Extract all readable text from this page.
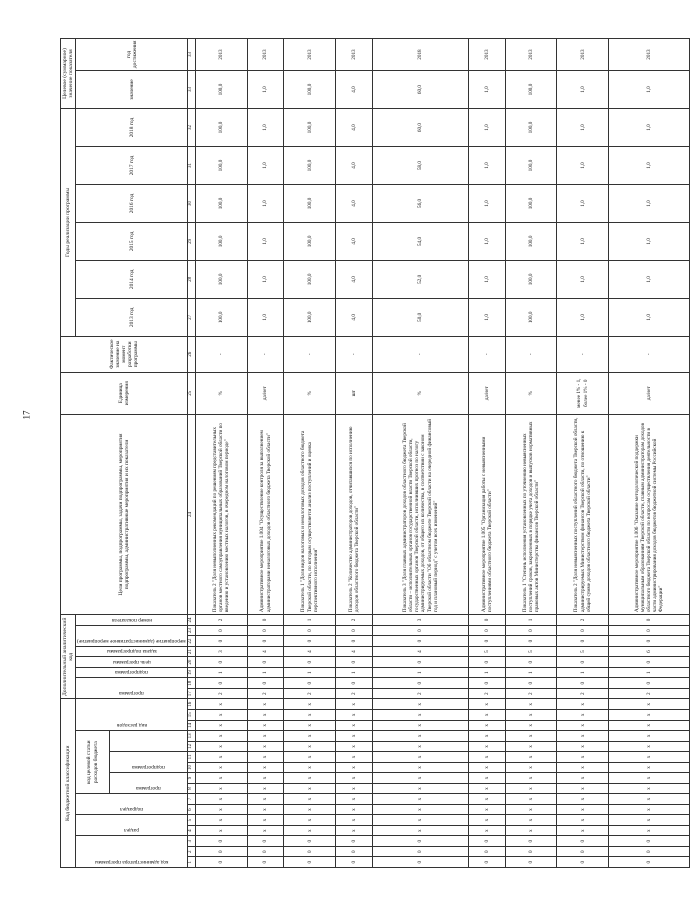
17
Код бюджетной классификации																Дополнительный аналитический код								Цели программы, подпрограммы, задачи подпрограммы, мероприятия подпрограммы, административные мероприятия и их показатели	Единица измерения	Фактическое значение на момент разработки программы	Годы реализации программы						Целевое (суммарное) значение показателя	

код администратора программы			раздел		подраздел		код целевой статьи расходов бюджета						вид расходов			программа		подпрограмма	цель программы	задача подпрограммы	мероприятие (административное мероприятие)		номер показателя				2013 год	2014 год	2015 год	2016 год	2017 год	2018 год	значение	год достижения

							программа		подпрограмма																									

1	2	3	4	5	6	7	8	9	10	11	12	13	14	15	16	17	18	19	20	21	22	23	24	24	25	26	27	28	29	30	31	32	33	33
0	0	0	x	x	x	x	x	x	x	x	x	x	x	x	x	2	0	1	0	3	0	0	2	Показатель 2 "Доля невыполненных рекомендаций по решениям представительных органов местного самоуправления муниципальных образований Тверской области по введению и установлению местных налогов, в очередном налоговом периоде"	%	-	100,0	100,0	100,0	100,0	100,0	100,0	100,0	2013
0	0	0	x	x	x	x	x	x	x	x	x	x	x	x	x	2	0	1	0	4	0	0	0	Административное мероприятие 1.004 "Осуществление контроля за выполнением администраторами неналоговых доходов областного бюджета Тверской области"	да/нет	-	1,0	1,0	1,0	1,0	1,0	1,0	1,0	2013
0	0	0	x	x	x	x	x	x	x	x	x	x	x	x	x	2	0	1	0	4	0	0	1	Показатель 1 "Доля видов налоговых и неналоговых доходов областного бюджета Тверской области, по которым осуществляется анализ поступлений и оценка перспективного исполнения"	%	-	100,0	100,0	100,0	100,0	100,0	100,0	100,0	2013
0	0	0	x	x	x	x	x	x	x	x	x	x	x	x	x	2	0	1	0	4	0	0	2	Показатель 2 "Количество администраторов доходов, отчитавшихся по исполнению доходов областного бюджета Тверской области"	шт	-	4,0	4,0	4,0	4,0	4,0	4,0	4,0	2013
0	0	0	x	x	x	x	x	x	x	x	x	x	x	x	x	2	0	1	0	4	0	0	3	Показатель 3 "Доля главных администраторов доходов областного бюджета Тверской области – исполнительных органов государственной власти Тверской области, государственных органов Тверской области, исполнивших прогноз по налогу администрируемых доходов, от общего их количества, в соответствии с законом Тверской области "Об областном бюджете Тверской области на очередной финансовый год и плановый период" с учетом всех изменений"	%	-	50,0	52,0	54,0	56,0	58,0	60,0	60,0	2018
0	0	0	x	x	x	x	x	x	x	x	x	x	x	x	x	2	0	1	0	5	0	0	0	Административное мероприятие 1.005 "Организация работы с невыясненными поступлениями областного бюджета Тверской области"	да/нет	-	1,0	1,0	1,0	1,0	1,0	1,0	1,0	2013
0	0	0	x	x	x	x	x	x	x	x	x	x	x	x	x	2	0	1	0	5	0	0	1	Показатель 1 "Степень исполнения установленных по уточнению невыясненных поступлений сроков, закрепленных в порядке учета доходов и выпусков нормативных правовых актов Министерства финансов Тверской области"	%	-	100,0	100,0	100,0	100,0	100,0	100,0	100,0	2013
0	0	0	x	x	x	x	x	x	x	x	x	x	x	x	x	2	0	1	0	5	0	0	2	Показатель 2 "Доля невыясненных поступлений областного бюджета Тверской области, администрируемых Министерством финансов Тверской области, по отношению к общей сумме доходов областного бюджета Тверской области"	менее 1% - 1, более 1% - 0	-	1,0	1,0	1,0	1,0	1,0	1,0	1,0	2013
0	0	0	x	x	x	x	x	x	x	x	x	x	x	x	x	2	0	1	0	6	0	0	0	Административное мероприятие 1.006 "Оказание методологической поддержки муниципальным образованиям Тверской области, главным администраторам доходов областного бюджета Тверской области по вопросам осуществления деятельности в части администрирования доходов бюджетов бюджетной системы Российской Федерации"	да/нет	-	1,0	1,0	1,0	1,0	1,0	1,0	1,0	2013
